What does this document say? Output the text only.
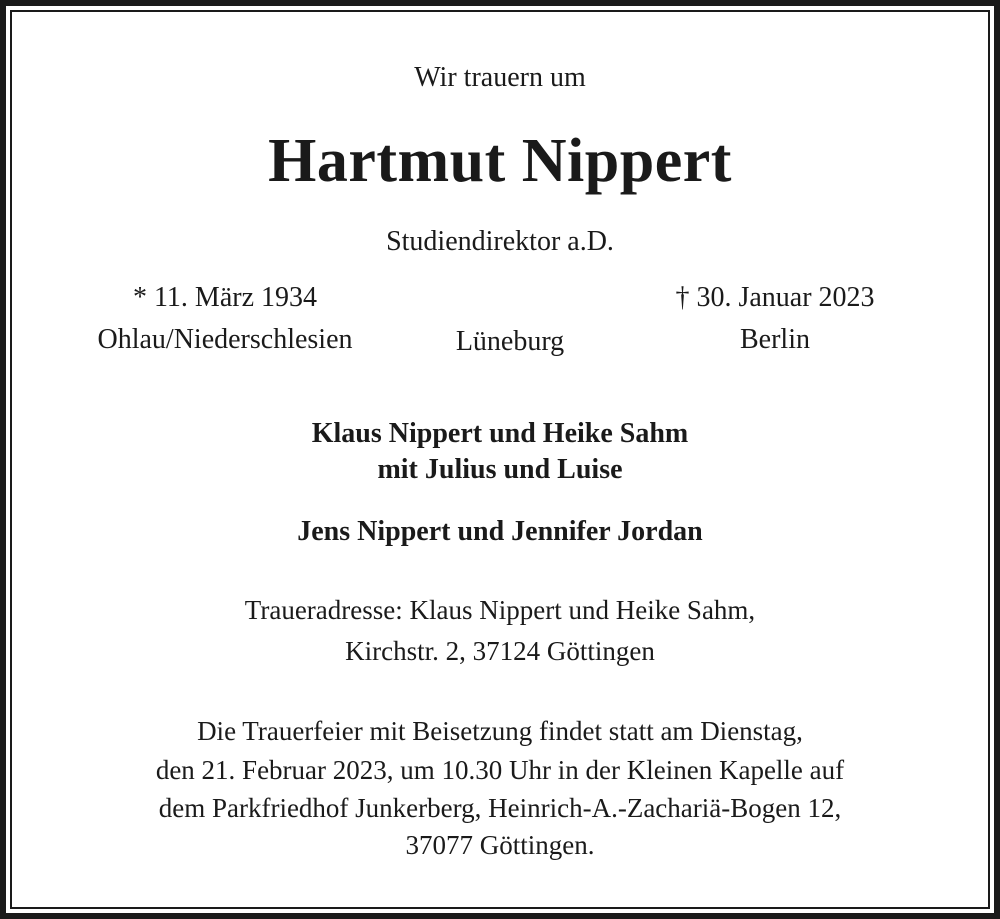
Wir trauern um
Hartmut Nippert
Studiendirektor a.D.
* 11. März 1934
Ohlau/Niederschlesien	Lüneburg
† 30. Januar 2023
Berlin
Klaus Nippert und Heike Sahm
mit Julius und Luise
Jens Nippert und Jennifer Jordan
Traueradresse: Klaus Nippert und Heike Sahm,
Kirchstr. 2, 37124 Göttingen
Die Trauerfeier mit Beisetzung findet statt am Dienstag,
den 21. Februar 2023, um 10.30 Uhr in der Kleinen Kapelle auf
dem Parkfriedhof Junkerberg, Heinrich-A.-Zachariä-Bogen 12,
37077 Göttingen.
